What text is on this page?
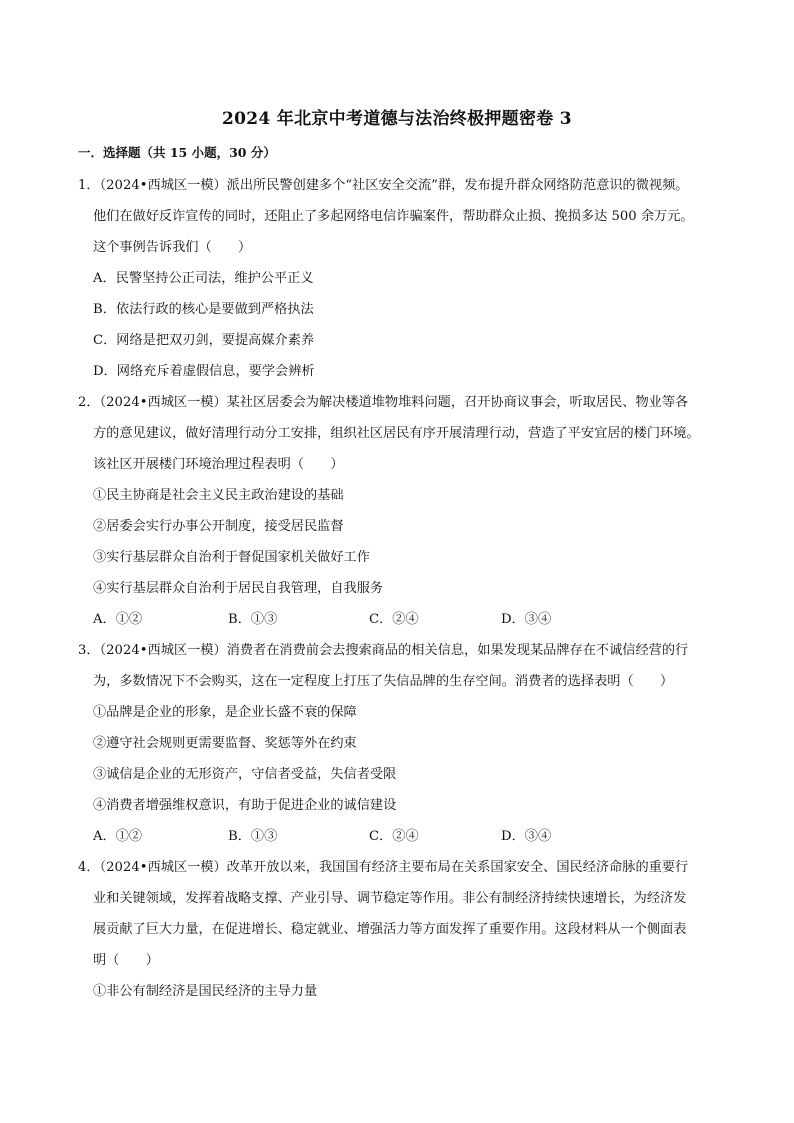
2024 年北京中考道德与法治终极押题密卷 3
一．选择题（共 15 小题，30 分）
1．（2024•西城区一模）派出所民警创建多个“社区安全交流”群，发布提升群众网络防范意识的微视频。
他们在做好反诈宣传的同时，还阻止了多起网络电信诈骗案件，帮助群众止损、挽损多达 500 余万元。
这个事例告诉我们（　　）
A．民警坚持公正司法，维护公平正义
B．依法行政的核心是要做到严格执法
C．网络是把双刃剑，要提高媒介素养
D．网络充斥着虚假信息，要学会辨析
2．（2024•西城区一模）某社区居委会为解决楼道堆物堆料问题，召开协商议事会，听取居民、物业等各
方的意见建议，做好清理行动分工安排，组织社区居民有序开展清理行动，营造了平安宜居的楼门环境。
该社区开展楼门环境治理过程表明（　　）
①民主协商是社会主义民主政治建设的基础
②居委会实行办事公开制度，接受居民监督
③实行基层群众自治利于督促国家机关做好工作
④实行基层群众自治利于居民自我管理，自我服务
A．①②	B．①③	C．②④	D．③④
3．（2024•西城区一模）消费者在消费前会去搜索商品的相关信息，如果发现某品牌存在不诚信经营的行
为，多数情况下不会购买，这在一定程度上打压了失信品牌的生存空间。消费者的选择表明（　　）
①品牌是企业的形象，是企业长盛不衰的保障
②遵守社会规则更需要监督、奖惩等外在约束
③诚信是企业的无形资产，守信者受益，失信者受限
④消费者增强维权意识，有助于促进企业的诚信建设
A．①②	B．①③	C．②④	D．③④
4．（2024•西城区一模）改革开放以来，我国国有经济主要布局在关系国家安全、国民经济命脉的重要行
业和关键领域，发挥着战略支撑、产业引导、调节稳定等作用。非公有制经济持续快速增长，为经济发
展贡献了巨大力量，在促进增长、稳定就业、增强活力等方面发挥了重要作用。这段材料从一个侧面表
明（　　）
①非公有制经济是国民经济的主导力量
